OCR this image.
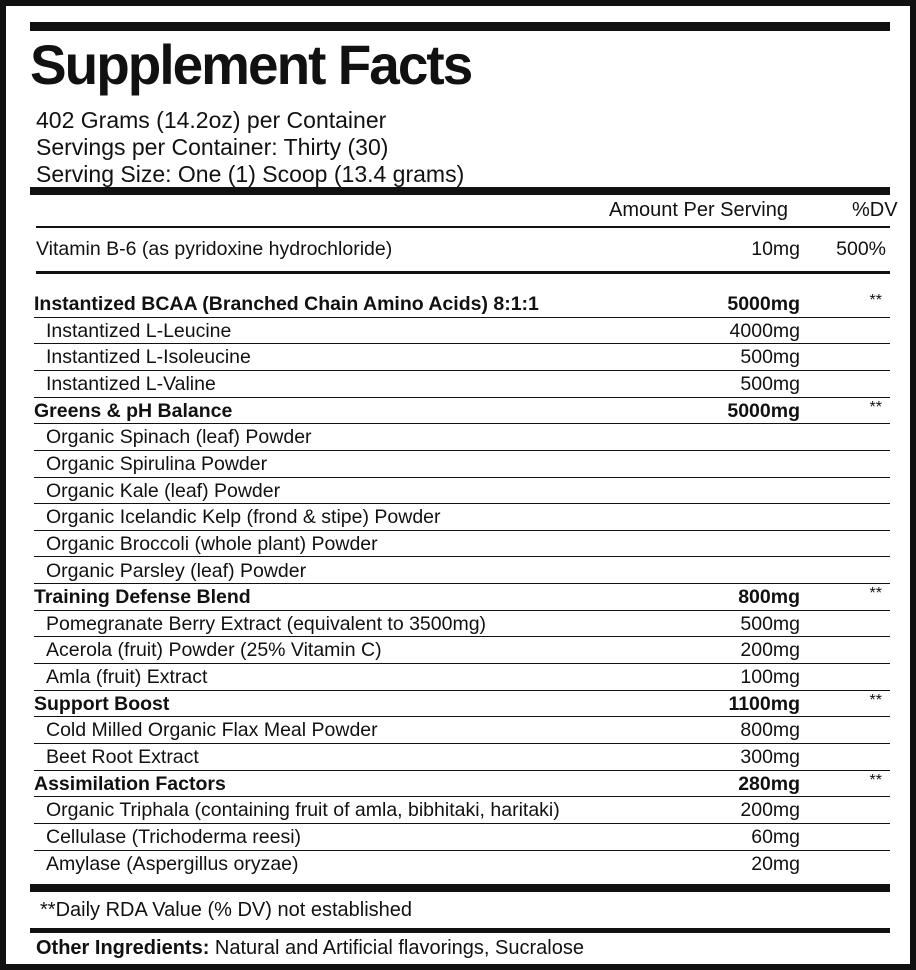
Supplement Facts
402 Grams (14.2oz) per Container
Servings per Container: Thirty (30)
Serving Size: One (1) Scoop (13.4 grams)
Amount Per Serving	%DV
Vitamin B-6 (as pyridoxine hydrochloride)	10mg 500%
Instantized BCAA (Branched Chain Amino Acids) 8:1:1	5000mg	**
Instantized L-Leucine	4000mg
Instantized L-Isoleucine	500mg
Instantized L-Valine	500mg
Greens & pH Balance	5000mg	**
Organic Spinach (leaf) Powder
Organic Spirulina Powder
Organic Kale (leaf) Powder
Organic Icelandic Kelp (frond & stipe) Powder
Organic Broccoli (whole plant) Powder
Organic Parsley (leaf) Powder
Training Defense Blend	800mg	**
Pomegranate Berry Extract (equivalent to 3500mg)	500mg
Acerola (fruit) Powder (25% Vitamin C)	200mg
Amla (fruit) Extract	100mg
Support Boost	1100mg	**
Cold Milled Organic Flax Meal Powder	800mg
Beet Root Extract	300mg
Assimilation Factors	280mg	**
Organic Triphala (containing fruit of amla, bibhitaki, haritaki)	200mg
Cellulase (Trichoderma reesi)	60mg
Amylase (Aspergillus oryzae)	20mg
**Daily RDA Value (% DV) not established
Other Ingredients: Natural and Artificial flavorings, Sucralose
